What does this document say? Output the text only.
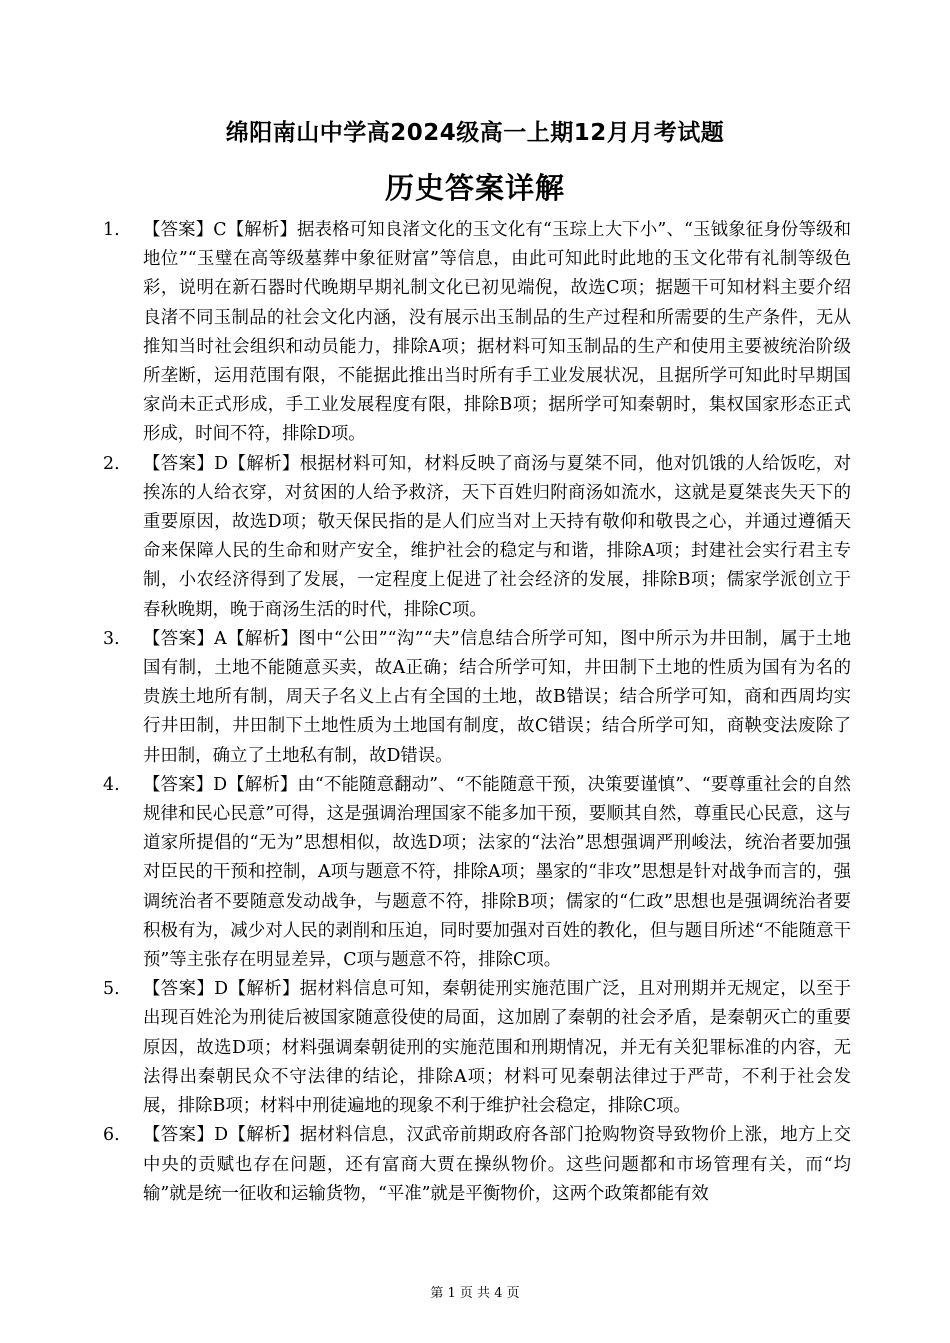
绵阳南山中学高2024级高一上期12月月考试题
历史答案详解

1. 【答案】C【解析】据表格可知良渚文化的玉文化有“玉琮上大下小”、“玉钺象征身份等级和地位”“玉璧在高等级墓葬中象征财富”等信息，由此可知此时此地的玉文化带有礼制等级色彩，说明在新石器时代晚期早期礼制文化已初见端倪，故选C项；据题干可知材料主要介绍良渚不同玉制品的社会文化内涵，没有展示出玉制品的生产过程和所需要的生产条件，无从推知当时社会组织和动员能力，排除A项；据材料可知玉制品的生产和使用主要被统治阶级所垄断，运用范围有限，不能据此推出当时所有手工业发展状况，且据所学可知此时早期国家尚未正式形成，手工业发展程度有限，排除B项；据所学可知秦朝时，集权国家形态正式形成，时间不符，排除D项。

2. 【答案】D【解析】根据材料可知，材料反映了商汤与夏桀不同，他对饥饿的人给饭吃，对挨冻的人给衣穿，对贫困的人给予救济，天下百姓归附商汤如流水，这就是夏桀丧失天下的重要原因，故选D项；敬天保民指的是人们应当对上天持有敬仰和敬畏之心，并通过遵循天命来保障人民的生命和财产安全，维护社会的稳定与和谐，排除A项；封建社会实行君主专制，小农经济得到了发展，一定程度上促进了社会经济的发展，排除B项；儒家学派创立于春秋晚期，晚于商汤生活的时代，排除C项。

3. 【答案】A【解析】图中“公田”“沟”“夫”信息结合所学可知，图中所示为井田制，属于土地国有制，土地不能随意买卖，故A正确；结合所学可知，井田制下土地的性质为国有为名的贵族土地所有制，周天子名义上占有全国的土地，故B错误；结合所学可知，商和西周均实行井田制，井田制下土地性质为土地国有制度，故C错误；结合所学可知，商鞅变法废除了井田制，确立了土地私有制，故D错误。

4. 【答案】D【解析】由“不能随意翻动”、“不能随意干预，决策要谨慎”、“要尊重社会的自然规律和民心民意”可得，这是强调治理国家不能多加干预，要顺其自然，尊重民心民意，这与道家所提倡的“无为”思想相似，故选D项；法家的“法治”思想强调严刑峻法，统治者要加强对臣民的干预和控制，A项与题意不符，排除A项；墨家的“非攻”思想是针对战争而言的，强调统治者不要随意发动战争，与题意不符，排除B项；儒家的“仁政”思想也是强调统治者要积极有为，减少对人民的剥削和压迫，同时要加强对百姓的教化，但与题目所述“不能随意干预”等主张存在明显差异，C项与题意不符，排除C项。

5. 【答案】D【解析】据材料信息可知，秦朝徒刑实施范围广泛，且对刑期并无规定，以至于出现百姓沦为刑徒后被国家随意役使的局面，这加剧了秦朝的社会矛盾，是秦朝灭亡的重要原因，故选D项；材料强调秦朝徒刑的实施范围和刑期情况，并无有关犯罪标准的内容，无法得出秦朝民众不守法律的结论，排除A项；材料可见秦朝法律过于严苛，不利于社会发展，排除B项；材料中刑徒遍地的现象不利于维护社会稳定，排除C项。

6. 【答案】D【解析】据材料信息，汉武帝前期政府各部门抢购物资导致物价上涨，地方上交中央的贡赋也存在问题，还有富商大贾在操纵物价。这些问题都和市场管理有关，而“均输”就是统一征收和运输货物，“平准”就是平衡物价，这两个政策都能有效

第 1 页 共 4 页
